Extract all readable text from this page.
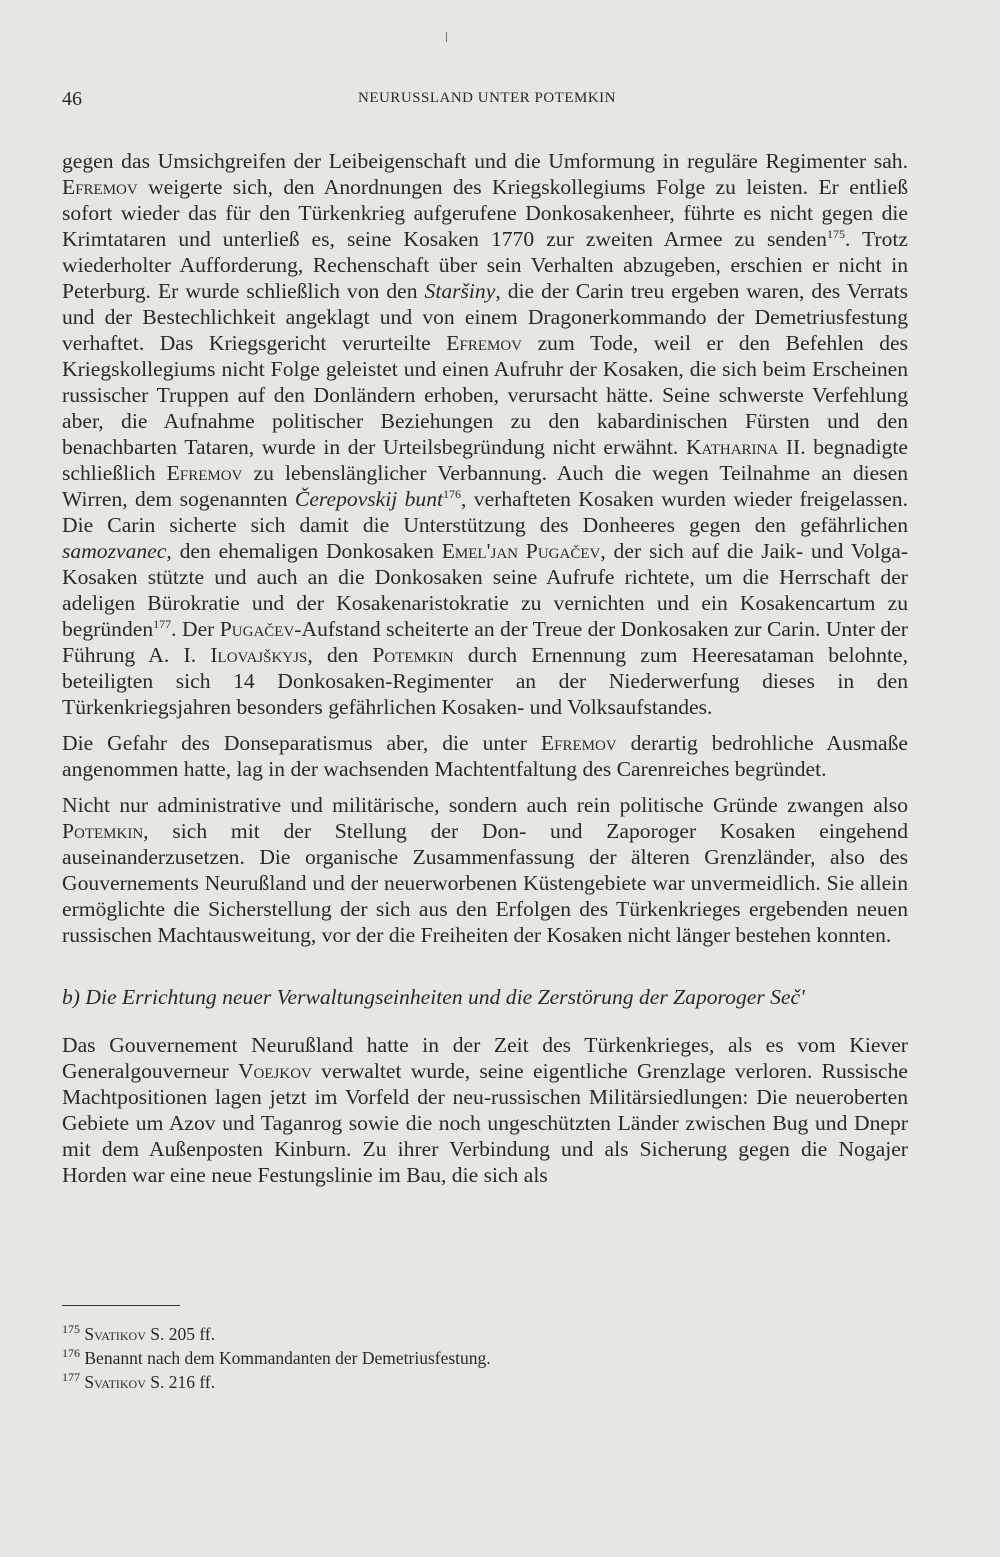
46	NEURUSSLAND UNTER POTEMKIN

gegen das Umsichgreifen der Leibeigenschaft und die Umformung in reguläre Regimenter sah. Efremov weigerte sich, den Anordnungen des Kriegskollegiums Folge zu leisten. Er entließ sofort wieder das für den Türkenkrieg aufgerufene Donkosakenheer, führte es nicht gegen die Krimtataren und unterließ es, seine Kosaken 1770 zur zweiten Armee zu senden$^{175}$. Trotz wiederholter Aufforderung, Rechenschaft über sein Verhalten abzugeben, erschien er nicht in Peterburg. Er wurde schließlich von den Staršiny, die der Carin treu ergeben waren, des Verrats und der Bestechlichkeit angeklagt und von einem Dragonerkommando der Demetriusfestung verhaftet. Das Kriegsgericht verurteilte Efremov zum Tode, weil er den Befehlen des Kriegskollegiums nicht Folge geleistet und einen Aufruhr der Kosaken, die sich beim Erscheinen russischer Truppen auf den Donländern erhoben, verursacht hätte. Seine schwerste Verfehlung aber, die Aufnahme politischer Beziehungen zu den kabardinischen Fürsten und den benachbarten Tataren, wurde in der Urteilsbegründung nicht erwähnt. Katharina II. begnadigte schließlich Efremov zu lebenslänglicher Verbannung. Auch die wegen Teilnahme an diesen Wirren, dem sogenannten Čerepovskij bunt$^{176}$, verhafteten Kosaken wurden wieder freigelassen. Die Carin sicherte sich damit die Unterstützung des Donheeres gegen den gefährlichen samozvanec, den ehemaligen Donkosaken Emel'jan Pugačev, der sich auf die Jaik- und Volga-Kosaken stützte und auch an die Donkosaken seine Aufrufe richtete, um die Herrschaft der adeligen Bürokratie und der Kosakenaristokratie zu vernichten und ein Kosakencartum zu begründen$^{177}$. Der Pugačev-Aufstand scheiterte an der Treue der Donkosaken zur Carin. Unter der Führung A. I. Ilovajškyjs, den Potemkin durch Ernennung zum Heeresataman belohnte, beteiligten sich 14 Donkosaken-Regimenter an der Niederwerfung dieses in den Türkenkriegsjahren besonders gefährlichen Kosaken- und Volksaufstandes.

Die Gefahr des Donseparatismus aber, die unter Efremov derartig bedrohliche Ausmaße angenommen hatte, lag in der wachsenden Machtentfaltung des Carenreiches begründet.

Nicht nur administrative und militärische, sondern auch rein politische Gründe zwangen also Potemkin, sich mit der Stellung der Don- und Zaporoger Kosaken eingehend auseinanderzusetzen. Die organische Zusammenfassung der älteren Grenzländer, also des Gouvernements Neurußland und der neuerworbenen Küstengebiete war unvermeidlich. Sie allein ermöglichte die Sicherstellung der sich aus den Erfolgen des Türkenkrieges ergebenden neuen russischen Machtausweitung, vor der die Freiheiten der Kosaken nicht länger bestehen konnten.

b) Die Errichtung neuer Verwaltungseinheiten und die Zerstörung der Zaporoger Seč'

Das Gouvernement Neurußland hatte in der Zeit des Türkenkrieges, als es vom Kiever Generalgouverneur Voejkov verwaltet wurde, seine eigentliche Grenzlage verloren. Russische Machtpositionen lagen jetzt im Vorfeld der neu-russischen Militärsiedlungen: Die neueroberten Gebiete um Azov und Taganrog sowie die noch ungeschützten Länder zwischen Bug und Dnepr mit dem Außenposten Kinburn. Zu ihrer Verbindung und als Sicherung gegen die Nogajer Horden war eine neue Festungslinie im Bau, die sich als

$^{175}$ Svatikov S. 205 ff.
$^{176}$ Benannt nach dem Kommandanten der Demetriusfestung.
$^{177}$ Svatikov S. 216 ff.
